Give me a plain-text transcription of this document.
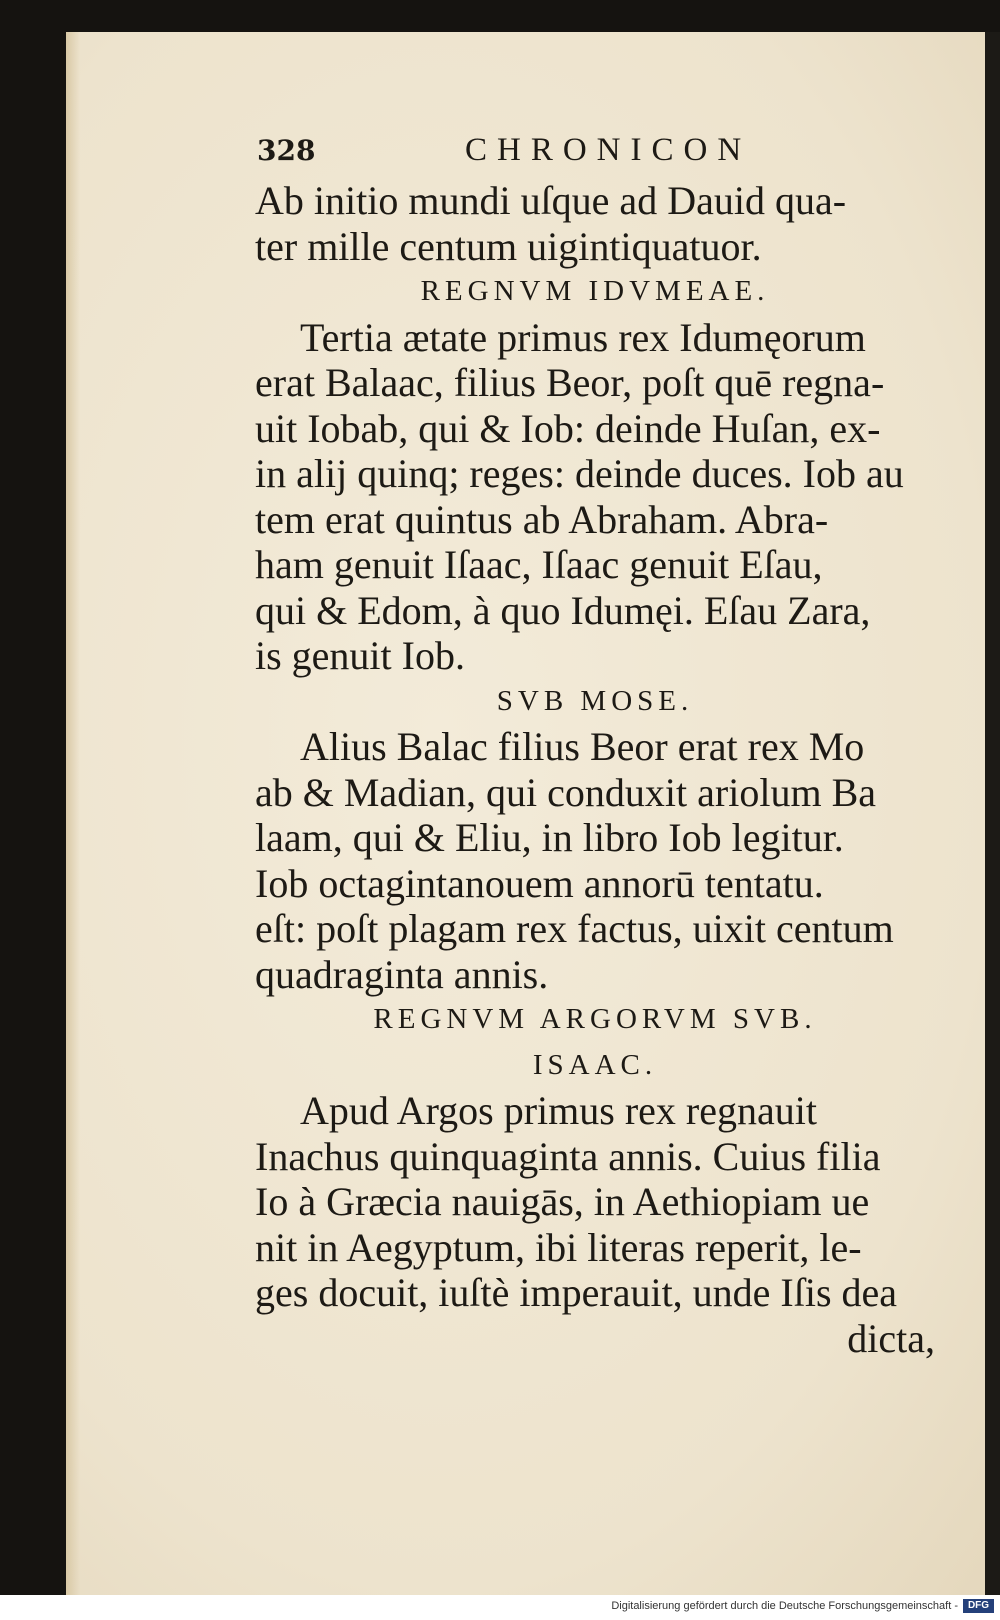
328	CHRONICON
Ab initio mundi uſque ad Dauid qua-
ter mille centum uigintiquatuor.
REGNVM IDVMEAE.
Tertia ætate primus rex Idumęorum
erat Balaac, filius Beor, poſt quē regna-
uit Iobab, qui & Iob: deinde Huſan, ex-
in alij quinq; reges: deinde duces. Iob au
tem erat quintus ab Abraham. Abra-
ham genuit Iſaac, Iſaac genuit Eſau,
qui & Edom, à quo Idumęi. Eſau Zara,
is genuit Iob.
SVB MOSE.
Alius Balac filius Beor erat rex Mo
ab & Madian, qui conduxit ariolum Ba
laam, qui & Eliu, in libro Iob legitur.
Iob octagintanouem annorū tentatu.
eſt: poſt plagam rex factus, uixit centum
quadraginta annis.
REGNVM ARGORVM SVB.
ISAAC.
Apud Argos primus rex regnauit
Inachus quinquaginta annis. Cuius filia
Io à Græcia nauigās, in Aethiopiam ue
nit in Aegyptum, ibi literas reperit, le-
ges docuit, iuſtè imperauit, unde Iſis dea
dicta,
Digitalisierung gefördert durch die Deutsche Forschungsgemeinschaft - DFG
